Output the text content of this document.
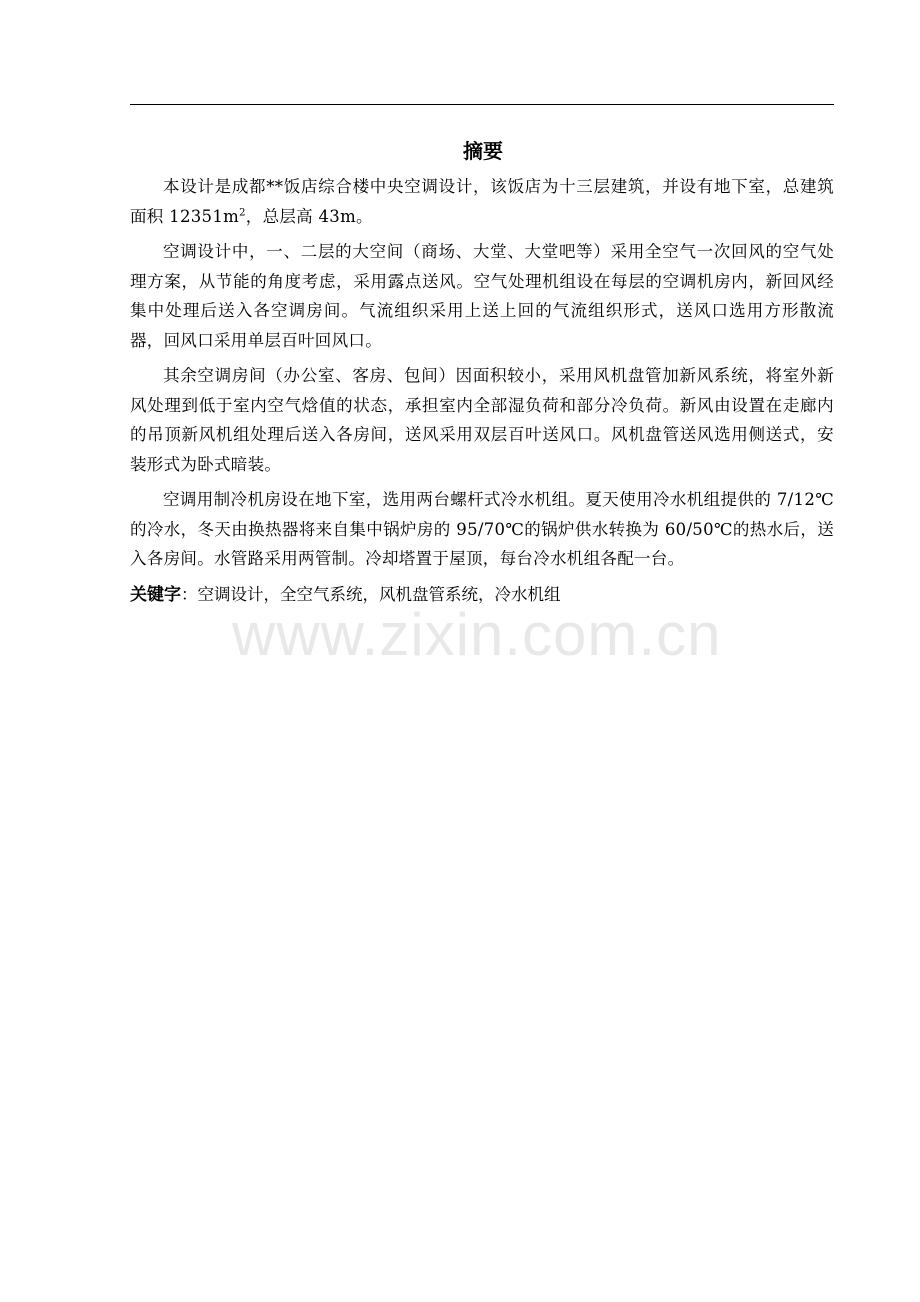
摘要

本设计是成都**饭店综合楼中央空调设计，该饭店为十三层建筑，并设有地下室，总建筑面积 $12351m^2$，总层高 43m。

空调设计中，一、二层的大空间（商场、大堂、大堂吧等）采用全空气一次回风的空气处理方案，从节能的角度考虑，采用露点送风。空气处理机组设在每层的空调机房内，新回风经集中处理后送入各空调房间。气流组织采用上送上回的气流组织形式，送风口选用方形散流器，回风口采用单层百叶回风口。

其余空调房间（办公室、客房、包间）因面积较小，采用风机盘管加新风系统，将室外新风处理到低于室内空气焓值的状态，承担室内全部湿负荷和部分冷负荷。新风由设置在走廊内的吊顶新风机组处理后送入各房间，送风采用双层百叶送风口。风机盘管送风选用侧送式，安装形式为卧式暗装。

空调用制冷机房设在地下室，选用两台螺杆式冷水机组。夏天使用冷水机组提供的 7/12℃的冷水，冬天由换热器将来自集中锅炉房的 95/70℃的锅炉供水转换为 60/50℃的热水后，送入各房间。水管路采用两管制。冷却塔置于屋顶，每台冷水机组各配一台。

关键字：空调设计，全空气系统，风机盘管系统，冷水机组

www.zixin.com.cn
